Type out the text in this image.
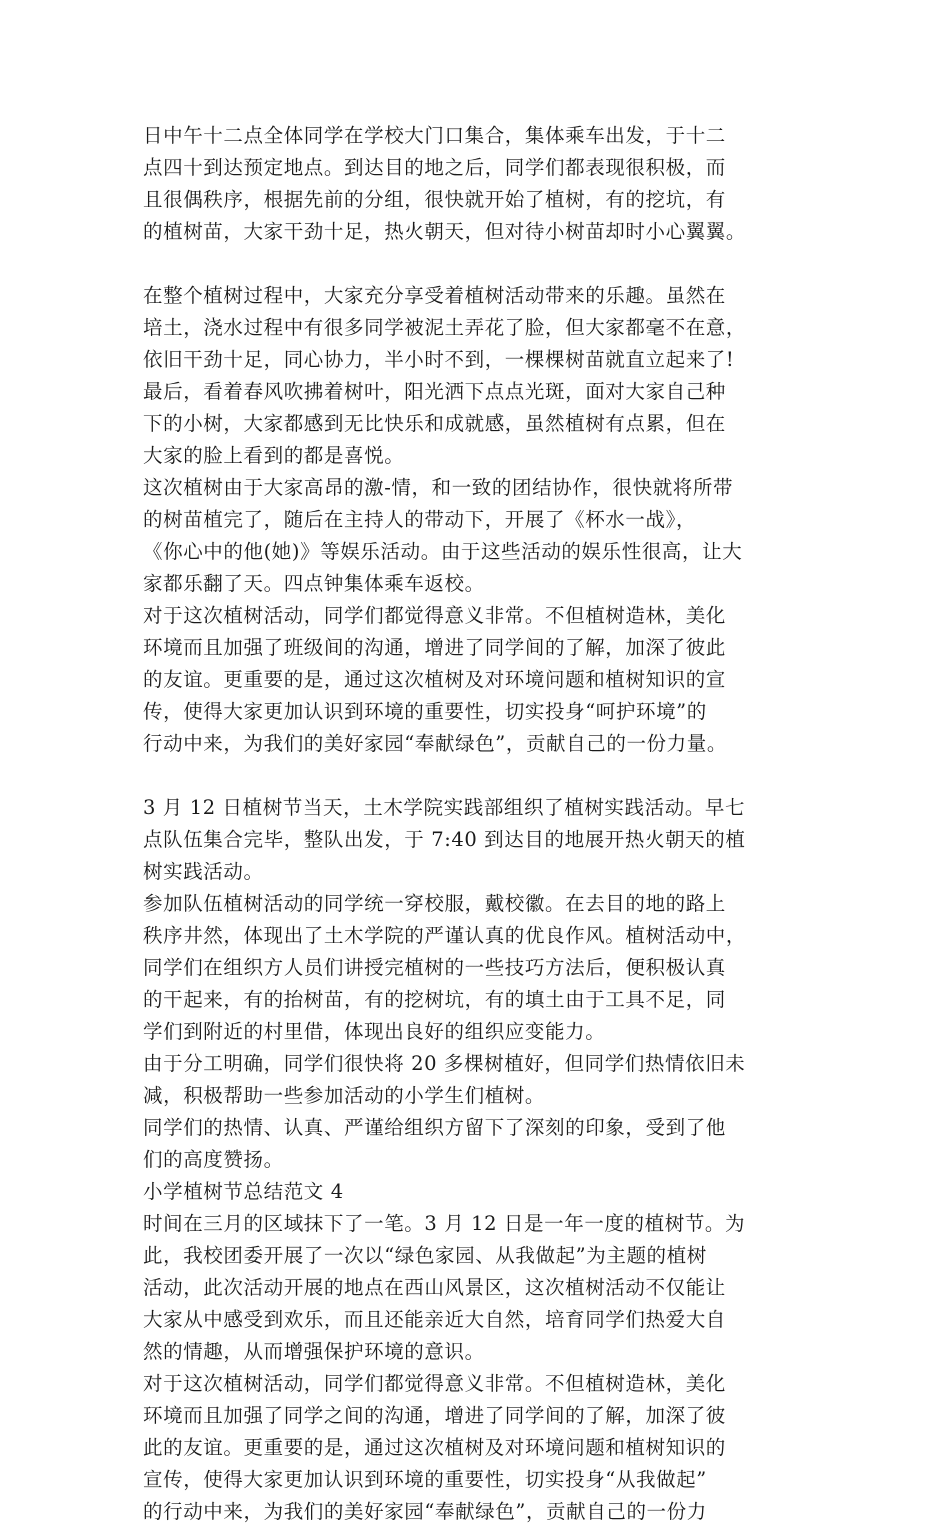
日中午十二点全体同学在学校大门口集合，集体乘车出发，于十二
点四十到达预定地点。到达目的地之后，同学们都表现很积极，而
且很偶秩序，根据先前的分组，很快就开始了植树，有的挖坑，有
的植树苗，大家干劲十足，热火朝天，但对待小树苗却时小心翼翼。
在整个植树过程中，大家充分享受着植树活动带来的乐趣。虽然在
培土，浇水过程中有很多同学被泥土弄花了脸，但大家都毫不在意，
依旧干劲十足，同心协力，半小时不到，一棵棵树苗就直立起来了!
最后，看着春风吹拂着树叶，阳光洒下点点光斑，面对大家自己种
下的小树，大家都感到无比快乐和成就感，虽然植树有点累，但在
大家的脸上看到的都是喜悦。
这次植树由于大家高昂的激-情，和一致的团结协作，很快就将所带
的树苗植完了，随后在主持人的带动下，开展了《杯水一战》，
《你心中的他(她)》等娱乐活动。由于这些活动的娱乐性很高，让大
家都乐翻了天。四点钟集体乘车返校。
对于这次植树活动，同学们都觉得意义非常。不但植树造林，美化
环境而且加强了班级间的沟通，增进了同学间的了解，加深了彼此
的友谊。更重要的是，通过这次植树及对环境问题和植树知识的宣
传，使得大家更加认识到环境的重要性，切实投身“呵护环境”的
行动中来，为我们的美好家园“奉献绿色”，贡献自己的一份力量。
3 月 12 日植树节当天，土木学院实践部组织了植树实践活动。早七
点队伍集合完毕，整队出发，于 7:40 到达目的地展开热火朝天的植
树实践活动。
参加队伍植树活动的同学统一穿校服，戴校徽。在去目的地的路上
秩序井然，体现出了土木学院的严谨认真的优良作风。植树活动中，
同学们在组织方人员们讲授完植树的一些技巧方法后，便积极认真
的干起来，有的抬树苗，有的挖树坑，有的填土由于工具不足，同
学们到附近的村里借，体现出良好的组织应变能力。
由于分工明确，同学们很快将 20 多棵树植好，但同学们热情依旧未
减，积极帮助一些参加活动的小学生们植树。
同学们的热情、认真、严谨给组织方留下了深刻的印象，受到了他
们的高度赞扬。
小学植树节总结范文 4
时间在三月的区域抹下了一笔。3 月 12 日是一年一度的植树节。为
此，我校团委开展了一次以“绿色家园、从我做起”为主题的植树
活动，此次活动开展的地点在西山风景区，这次植树活动不仅能让
大家从中感受到欢乐，而且还能亲近大自然，培育同学们热爱大自
然的情趣，从而增强保护环境的意识。
对于这次植树活动，同学们都觉得意义非常。不但植树造林，美化
环境而且加强了同学之间的沟通，增进了同学间的了解，加深了彼
此的友谊。更重要的是，通过这次植树及对环境问题和植树知识的
宣传，使得大家更加认识到环境的重要性，切实投身“从我做起”
的行动中来，为我们的美好家园“奉献绿色”，贡献自己的一份力
